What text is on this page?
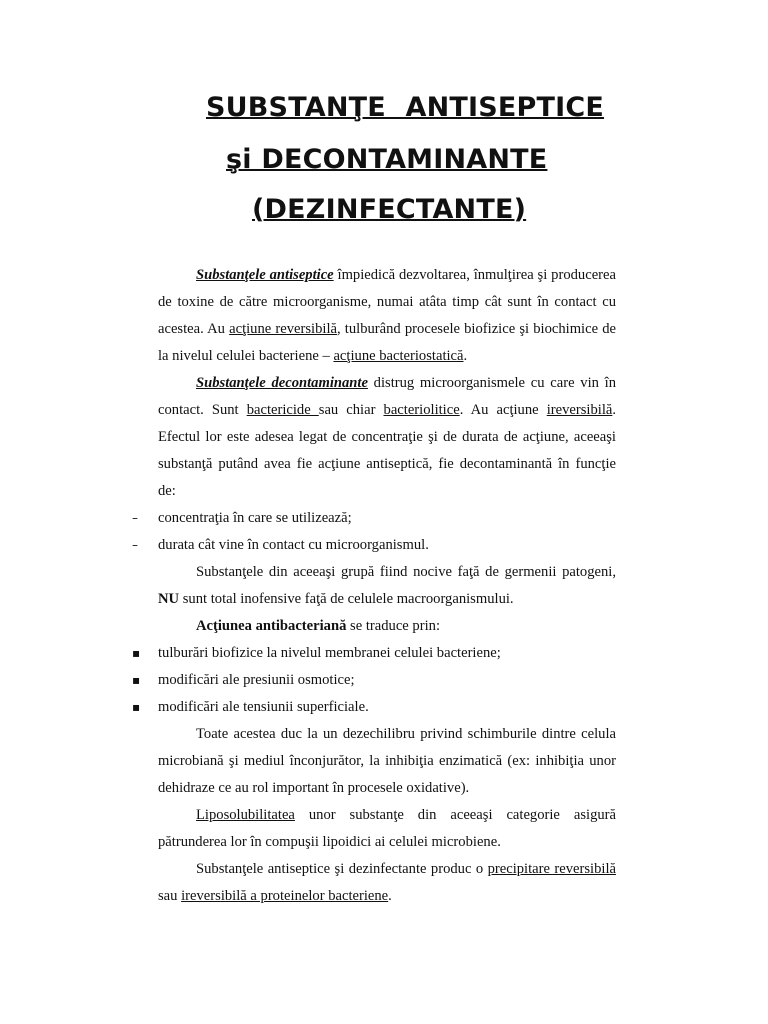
SUBSTANŢE ANTISEPTICE
şi DECONTAMINANTE
(DEZINFECTANTE)

Substanţele antiseptice împiedică dezvoltarea, înmulţirea şi producerea de toxine de către microorganisme, numai atâta timp cât sunt în contact cu acestea. Au acţiune reversibilă, tulburând procesele biofizice şi biochimice de la nivelul celulei bacteriene – acţiune bacteriostatică.

Substanţele decontaminante distrug microorganismele cu care vin în contact. Sunt bactericide sau chiar bacteriolitice. Au acţiune ireversibilă. Efectul lor este adesea legat de concentraţie şi de durata de acţiune, aceeaşi substanţă putând avea fie acţiune antiseptică, fie decontaminantă în funcţie de:

– concentraţia în care se utilizează;
– durata cât vine în contact cu microorganismul.

Substanţele din aceeaşi grupă fiind nocive faţă de germenii patogeni, NU sunt total inofensive faţă de celulele macroorganismului.

Acţiunea antibacteriană se traduce prin:

▪ tulburări biofizice la nivelul membranei celulei bacteriene;
▪ modificări ale presiunii osmotice;
▪ modificări ale tensiunii superficiale.

Toate acestea duc la un dezechilibru privind schimburile dintre celula microbiană şi mediul înconjurător, la inhibiţia enzimatică (ex: inhibiţia unor dehidraze ce au rol important în procesele oxidative).

Liposolubilitatea unor substanţe din aceeaşi categorie asigură pătrunderea lor în compuşii lipoidici ai celulei microbiene.

Substanţele antiseptice şi dezinfectante produc o precipitare reversibilă sau ireversibilă a proteinelor bacteriene.
